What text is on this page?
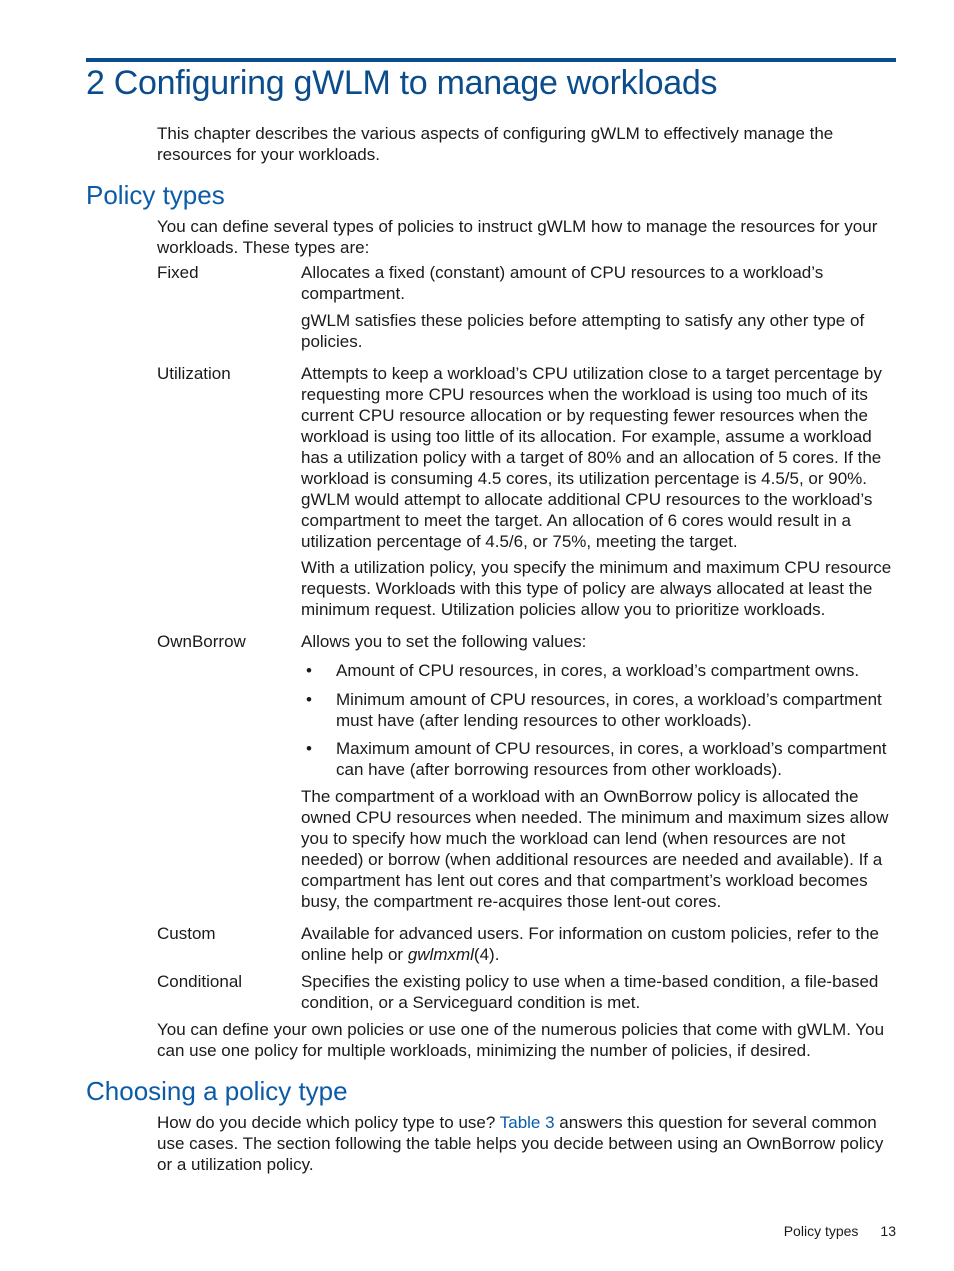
2 Configuring gWLM to manage workloads

This chapter describes the various aspects of configuring gWLM to effectively manage the resources for your workloads.

Policy types

You can define several types of policies to instruct gWLM how to manage the resources for your workloads. These types are:

Fixed	Allocates a fixed (constant) amount of CPU resources to a workload’s compartment.

gWLM satisfies these policies before attempting to satisfy any other type of policies.

Utilization	Attempts to keep a workload’s CPU utilization close to a target percentage by requesting more CPU resources when the workload is using too much of its current CPU resource allocation or by requesting fewer resources when the workload is using too little of its allocation. For example, assume a workload has a utilization policy with a target of 80% and an allocation of 5 cores. If the workload is consuming 4.5 cores, its utilization percentage is 4.5/5, or 90%. gWLM would attempt to allocate additional CPU resources to the workload’s compartment to meet the target. An allocation of 6 cores would result in a utilization percentage of 4.5/6, or 75%, meeting the target.

With a utilization policy, you specify the minimum and maximum CPU resource requests. Workloads with this type of policy are always allocated at least the minimum request. Utilization policies allow you to prioritize workloads.

OwnBorrow	Allows you to set the following values:

• Amount of CPU resources, in cores, a workload’s compartment owns.
• Minimum amount of CPU resources, in cores, a workload’s compartment must have (after lending resources to other workloads).
• Maximum amount of CPU resources, in cores, a workload’s compartment can have (after borrowing resources from other workloads).

The compartment of a workload with an OwnBorrow policy is allocated the owned CPU resources when needed. The minimum and maximum sizes allow you to specify how much the workload can lend (when resources are not needed) or borrow (when additional resources are needed and available). If a compartment has lent out cores and that compartment’s workload becomes busy, the compartment re-acquires those lent-out cores.

Custom	Available for advanced users. For information on custom policies, refer to the online help or gwlmxml(4).

Conditional	Specifies the existing policy to use when a time-based condition, a file-based condition, or a Serviceguard condition is met.

You can define your own policies or use one of the numerous policies that come with gWLM. You can use one policy for multiple workloads, minimizing the number of policies, if desired.

Choosing a policy type

How do you decide which policy type to use? Table 3 answers this question for several common use cases. The section following the table helps you decide between using an OwnBorrow policy or a utilization policy.

Policy types 13
